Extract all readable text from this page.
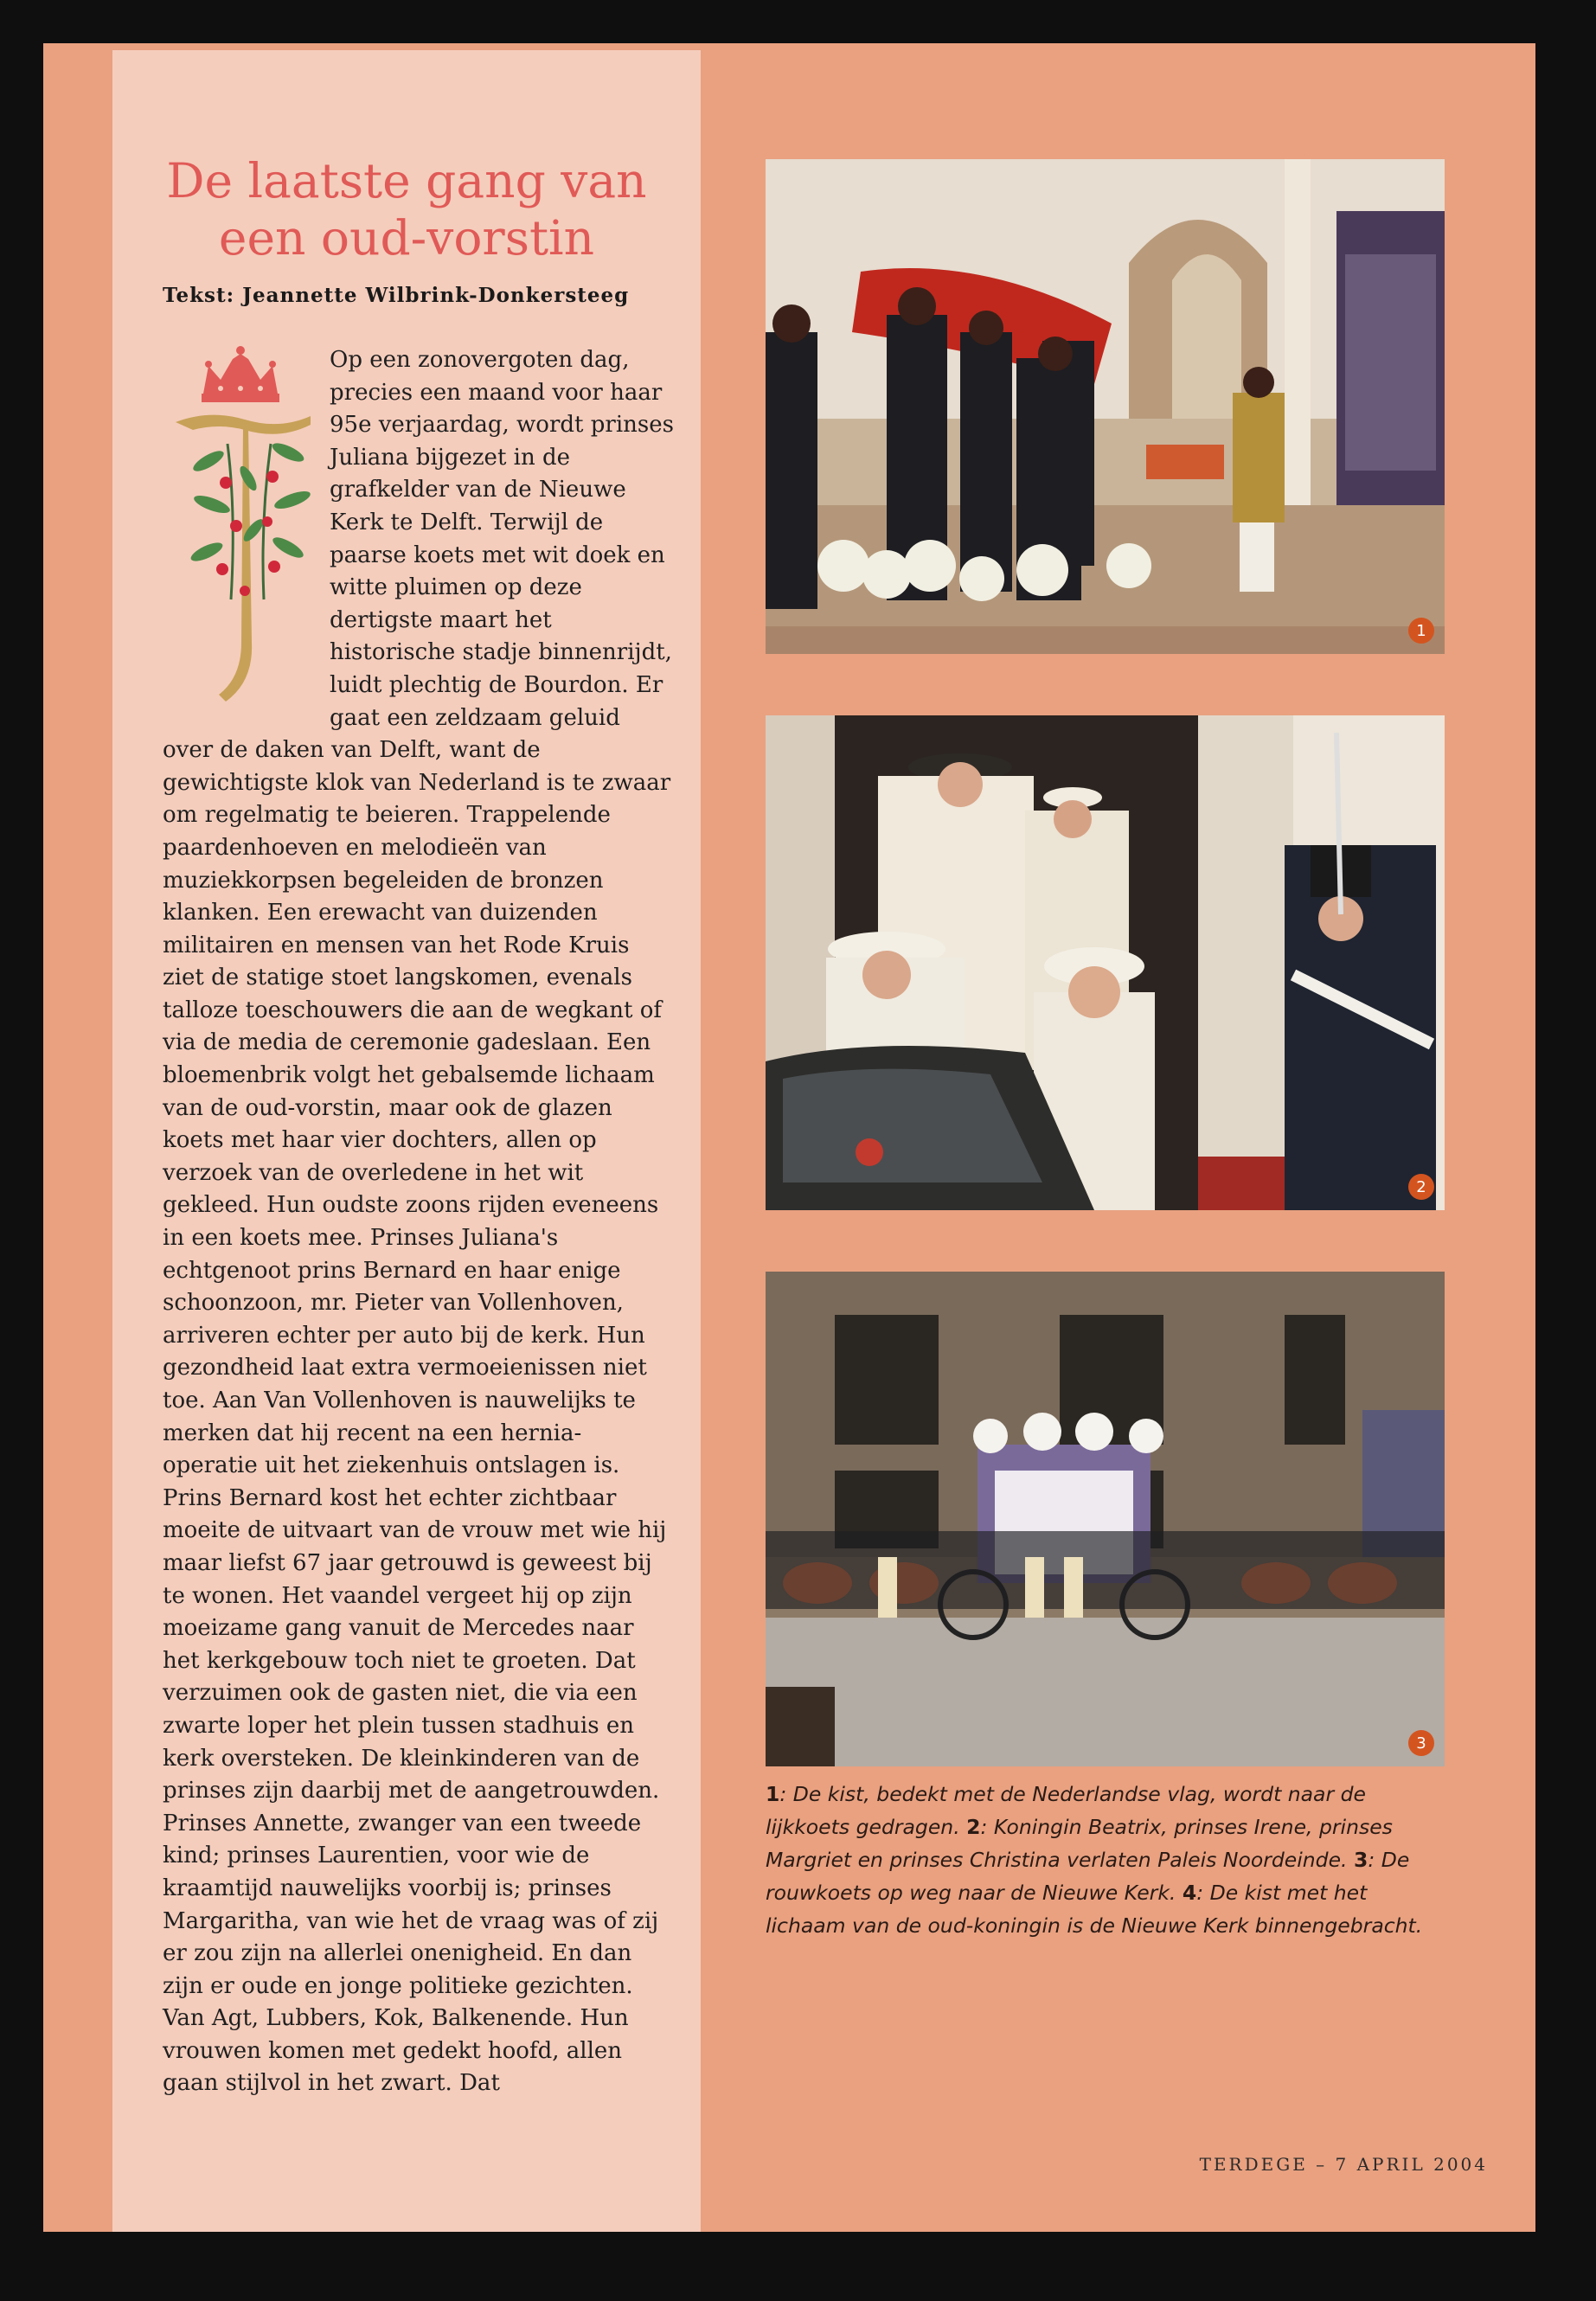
De laatste gang van
een oud-vorstin
Tekst: Jeannette Wilbrink-Donkersteeg

Op een zonovergoten dag, precies een maand voor haar 95e verjaardag, wordt prinses Juliana bijgezet in de grafkelder van de Nieuwe Kerk te Delft. Terwijl de paarse koets met wit doek en witte pluimen op deze dertigste maart het historische stadje binnenrijdt, luidt plechtig de Bourdon. Er gaat een zeldzaam geluid over de daken van Delft, want de gewichtigste klok van Nederland is te zwaar om regelmatig te beieren. Trappelende paardenhoeven en melodieën van muziekkorpsen begeleiden de bronzen klanken. Een erewacht van duizenden militairen en mensen van het Rode Kruis ziet de statige stoet langskomen, evenals talloze toeschouwers die aan de wegkant of via de media de ceremonie gadeslaan. Een bloemenbrik volgt het gebalsemde lichaam van de oud-vorstin, maar ook de glazen koets met haar vier dochters, allen op verzoek van de overledene in het wit gekleed. Hun oudste zoons rijden eveneens in een koets mee. Prinses Juliana's echtgenoot prins Bernard en haar enige schoonzoon, mr. Pieter van Vollenhoven, arriveren echter per auto bij de kerk. Hun gezondheid laat extra vermoeienissen niet toe. Aan Van Vollenhoven is nauwelijks te merken dat hij recent na een hernia-operatie uit het ziekenhuis ontslagen is. Prins Bernard kost het echter zichtbaar moeite de uitvaart van de vrouw met wie hij maar liefst 67 jaar getrouwd is geweest bij te wonen. Het vaandel vergeet hij op zijn moeizame gang vanuit de Mercedes naar het kerkgebouw toch niet te groeten. Dat verzuimen ook de gasten niet, die via een zwarte loper het plein tussen stadhuis en kerk oversteken. De kleinkinderen van de prinses zijn daarbij met de aangetrouwden. Prinses Annette, zwanger van een tweede kind; prinses Laurentien, voor wie de kraamtijd nauwelijks voorbij is; prinses Margaritha, van wie het de vraag was of zij er zou zijn na allerlei onenigheid. En dan zijn er oude en jonge politieke gezichten. Van Agt, Lubbers, Kok, Balkenende. Hun vrouwen komen met gedekt hoofd, allen gaan stijlvol in het zwart. Dat

1
2
3

1: De kist, bedekt met de Nederlandse vlag, wordt naar de lijkkoets gedragen. 2: Koningin Beatrix, prinses Irene, prinses Margriet en prinses Christina verlaten Paleis Noordeinde. 3: De rouwkoets op weg naar de Nieuwe Kerk. 4: De kist met het lichaam van de oud-koningin is de Nieuwe Kerk binnengebracht.

TERDEGE – 7 APRIL 2004
